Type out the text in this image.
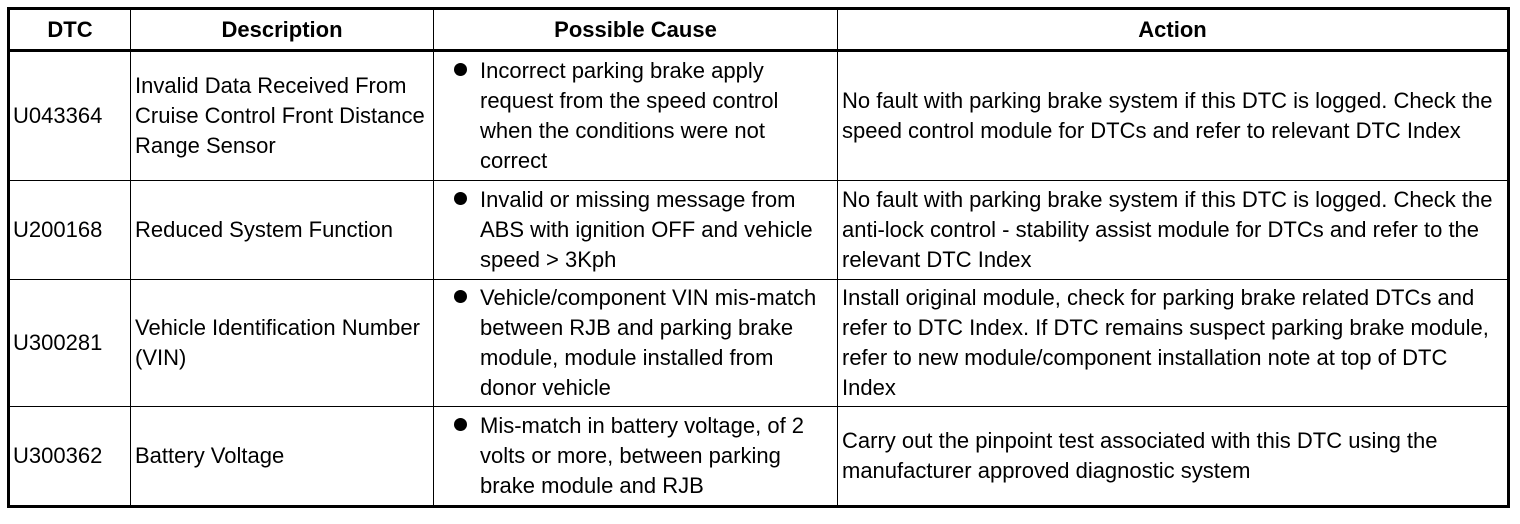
DTC	Description	Possible Cause	Action
U043364	Invalid Data Received From Cruise Control Front Distance Range Sensor	Incorrect parking brake apply request from the speed control when the conditions were not correct	No fault with parking brake system if this DTC is logged. Check the speed control module for DTCs and refer to relevant DTC Index
U200168	Reduced System Function	Invalid or missing message from ABS with ignition OFF and vehicle speed > 3Kph	No fault with parking brake system if this DTC is logged. Check the anti-lock control - stability assist module for DTCs and refer to the relevant DTC Index
U300281	Vehicle Identification Number (VIN)	Vehicle/component VIN mis-match between RJB and parking brake module, module installed from donor vehicle	Install original module, check for parking brake related DTCs and refer to DTC Index. If DTC remains suspect parking brake module, refer to new module/component installation note at top of DTC Index
U300362	Battery Voltage	Mis-match in battery voltage, of 2 volts or more, between parking brake module and RJB	Carry out the pinpoint test associated with this DTC using the manufacturer approved diagnostic system
